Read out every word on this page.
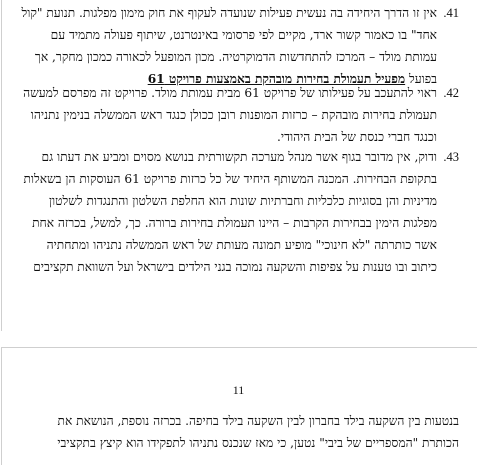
.41
אין זו הדרך היחידה בה נעשית פעילות שנועדה לעקוף את חוק מימון מפלגות. תנועת "קול
אחד" בו כאמור קשור ארד, מקיים לפי פרסומי באינטרנט, שיתוף פעולה מתמיד עם
עמותת מולד – המרכז להתחדשות הדמוקרטיה. מכון המופעל לכאורה כמכון מחקר, אך
בפועל מפעיל תעמולת בחירות מובהקת באמצעות פרויקט 61
.42
ראוי להתעכב על פעילותו של פרויקט 61 מבית עמותת מולד. פרויקט זה מפרסם למעשה
תעמולת בחירות מובהקת – כרזות המופנות רובן ככולן כנגד ראש הממשלה בנימין נתניהו
וכנגד חברי כנסת של הבית היהודי.
.43
ודוק, אין מדובר בגוף אשר מנהל מערכה תקשורתית בנושא מסוים ומביע את דעתו גם
בתקופת הבחירות. המכנה המשותף היחיד של כל כרזות פרויקט 61 העוסקות הן בשאלות
מדיניות והן בסוגיות כלכליות וחברתיות שונות הוא החלפת השלטון והתנגדות לשלטון
מפלגות הימין בבחירות הקרבות – היינו תעמולת בחירות ברורה. כך, למשל, בכרזה אחת
אשר כותרתה "לא חינוכי" מופיע תמונה מעותת של ראש הממשלה נתניהו ומתחתיה
כיתוב ובו טענות על צפיפות והשקעה נמוכה בגני הילדים בישראל ועל השוואת תקציבים
11
בנטעות בין השקעה בילד בחברון לבין השקעה בילד בחיפה. בכרזה נוספת, הנושאת את
הכותרת "המספריים של ביבי" נטען, כי מאז שנכנס נתניהו לתפקידו הוא קיצץ בתקציבי
